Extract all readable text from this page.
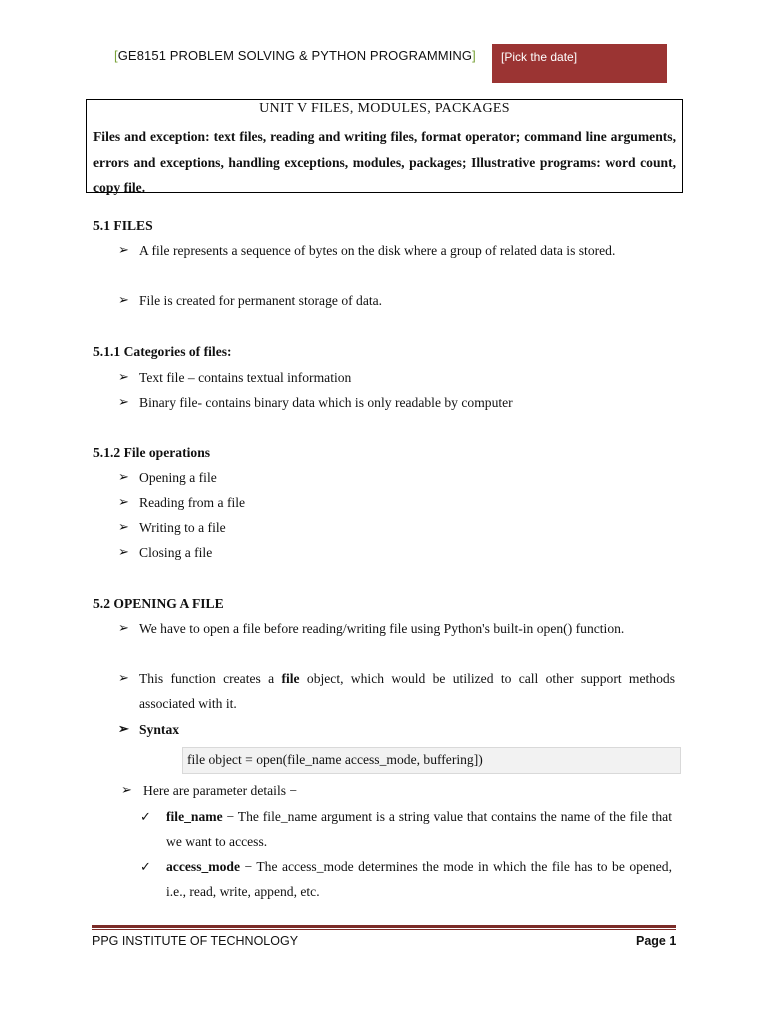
[GE8151 PROBLEM SOLVING & PYTHON PROGRAMMING]	[Pick the date]
UNIT V FILES, MODULES, PACKAGES
Files and exception: text files, reading and writing files, format operator; command line arguments, errors and exceptions, handling exceptions, modules, packages; Illustrative programs: word count, copy file.
5.1 FILES
➢ A file represents a sequence of bytes on the disk where a group of related data is stored.
➢ File is created for permanent storage of data.
5.1.1 Categories of files:
➢ Text file – contains textual information
➢ Binary file- contains binary data which is only readable by computer
5.1.2 File operations
➢ Opening a file
➢ Reading from a file
➢ Writing to a file
➢ Closing a file
5.2 OPENING A FILE
➢ We have to open a file before reading/writing file using Python's built-in open() function.
➢ This function creates a file object, which would be utilized to call other support methods associated with it.
➢ Syntax
file object = open(file_name access_mode, buffering])
➢ Here are parameter details −
✓ file_name − The file_name argument is a string value that contains the name of the file that we want to access.
✓ access_mode − The access_mode determines the mode in which the file has to be opened, i.e., read, write, append, etc.
PPG INSTITUTE OF TECHNOLOGY	Page 1
